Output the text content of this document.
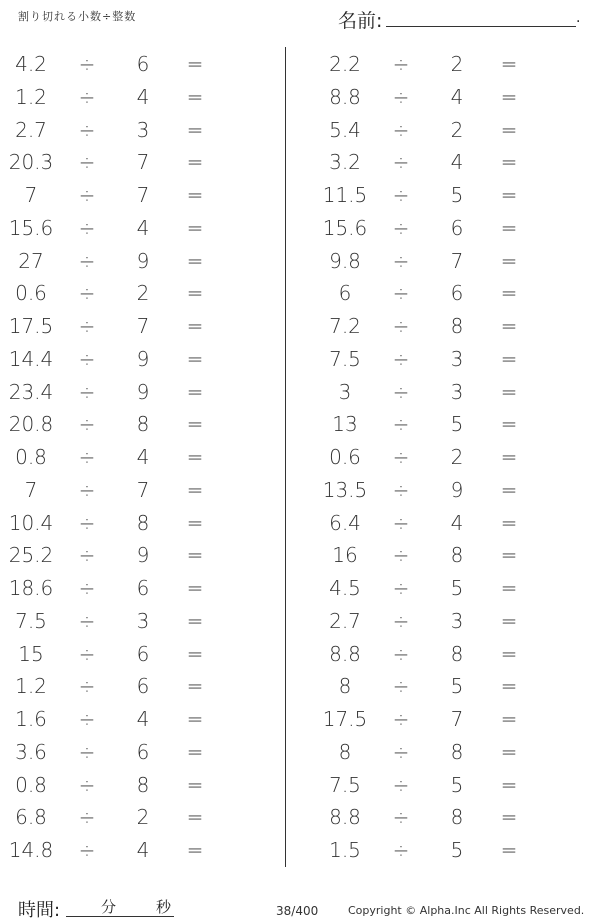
割り切れる小数÷整数	名前:	.
4.2	÷	6	=
1.2	÷	4	=
2.7	÷	3	=
20.3	÷	7	=
7	÷	7	=
15.6	÷	4	=
27	÷	9	=
0.6	÷	2	=
17.5	÷	7	=
14.4	÷	9	=
23.4	÷	9	=
20.8	÷	8	=
0.8	÷	4	=
7	÷	7	=
10.4	÷	8	=
25.2	÷	9	=
18.6	÷	6	=
7.5	÷	3	=
15	÷	6	=
1.2	÷	6	=
1.6	÷	4	=
3.6	÷	6	=
0.8	÷	8	=
6.8	÷	2	=
14.8	÷	4	=
2.2	÷	2	=
8.8	÷	4	=
5.4	÷	2	=
3.2	÷	4	=
11.5	÷	5	=
15.6	÷	6	=
9.8	÷	7	=
6	÷	6	=
7.2	÷	8	=
7.5	÷	3	=
3	÷	3	=
13	÷	5	=
0.6	÷	2	=
13.5	÷	9	=
6.4	÷	4	=
16	÷	8	=
4.5	÷	5	=
2.7	÷	3	=
8.8	÷	8	=
8	÷	5	=
17.5	÷	7	=
8	÷	8	=
7.5	÷	5	=
8.8	÷	8	=
1.5	÷	5	=
時間:	分	秒	38/400	Copyright © Alpha.Inc All Rights Reserved.
